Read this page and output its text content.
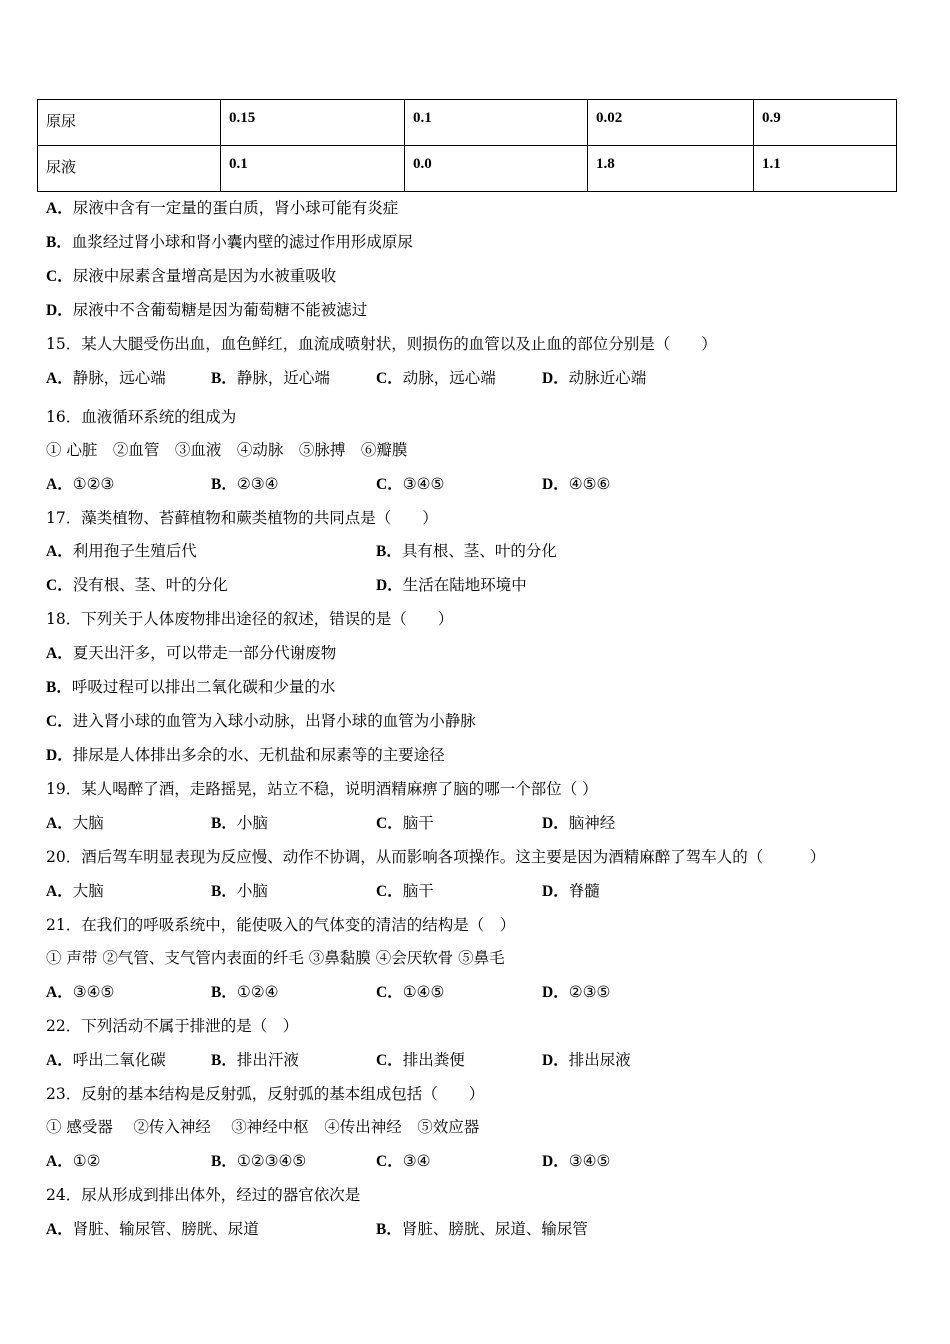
原尿	0.15	0.1	0.02	0.9
尿液	0.1	0.0	1.8	1.1
A．尿液中含有一定量的蛋白质，肾小球可能有炎症
B．血浆经过肾小球和肾小囊内壁的滤过作用形成原尿
C．尿液中尿素含量增高是因为水被重吸收
D．尿液中不含葡萄糖是因为葡萄糖不能被滤过
15．某人大腿受伤出血，血色鲜红，血流成喷射状，则损伤的血管以及止血的部位分别是（　　）
A．静脉，远心端	B．静脉，近心端	C．动脉，远心端	D．动脉近心端
16．血液循环系统的组成为
① 心脏　②血管　③血液　④动脉　⑤脉搏　⑥瓣膜
A．①②③	B．②③④	C．③④⑤	D．④⑤⑥
17．藻类植物、苔藓植物和蕨类植物的共同点是（　　）
A．利用孢子生殖后代	B．具有根、茎、叶的分化
C．没有根、茎、叶的分化	D．生活在陆地环境中
18．下列关于人体废物排出途径的叙述，错误的是（　　）
A．夏天出汗多，可以带走一部分代谢废物
B．呼吸过程可以排出二氧化碳和少量的水
C．进入肾小球的血管为入球小动脉，出肾小球的血管为小静脉
D．排尿是人体排出多余的水、无机盐和尿素等的主要途径
19．某人喝醉了酒，走路摇晃，站立不稳，说明酒精麻痹了脑的哪一个部位（ ）
A．大脑	B．小脑	C．脑干	D．脑神经
20．酒后驾车明显表现为反应慢、动作不协调，从而影响各项操作。这主要是因为酒精麻醉了驾车人的（　　　）
A．大脑	B．小脑	C．脑干	D．脊髓
21．在我们的呼吸系统中，能使吸入的气体变的清洁的结构是（　）
① 声带 ②气管、支气管内表面的纤毛 ③鼻黏膜 ④会厌软骨 ⑤鼻毛
A．③④⑤	B．①②④	C．①④⑤	D．②③⑤
22．下列活动不属于排泄的是（　）
A．呼出二氧化碳	B．排出汗液	C．排出粪便	D．排出尿液
23．反射的基本结构是反射弧，反射弧的基本组成包括（　　）
① 感受器　 ②传入神经　 ③神经中枢　④传出神经　⑤效应器
A．①②	B．①②③④⑤	C．③④	D．③④⑤
24．尿从形成到排出体外，经过的器官依次是
A．肾脏、输尿管、膀胱、尿道	B．肾脏、膀胱、尿道、输尿管
